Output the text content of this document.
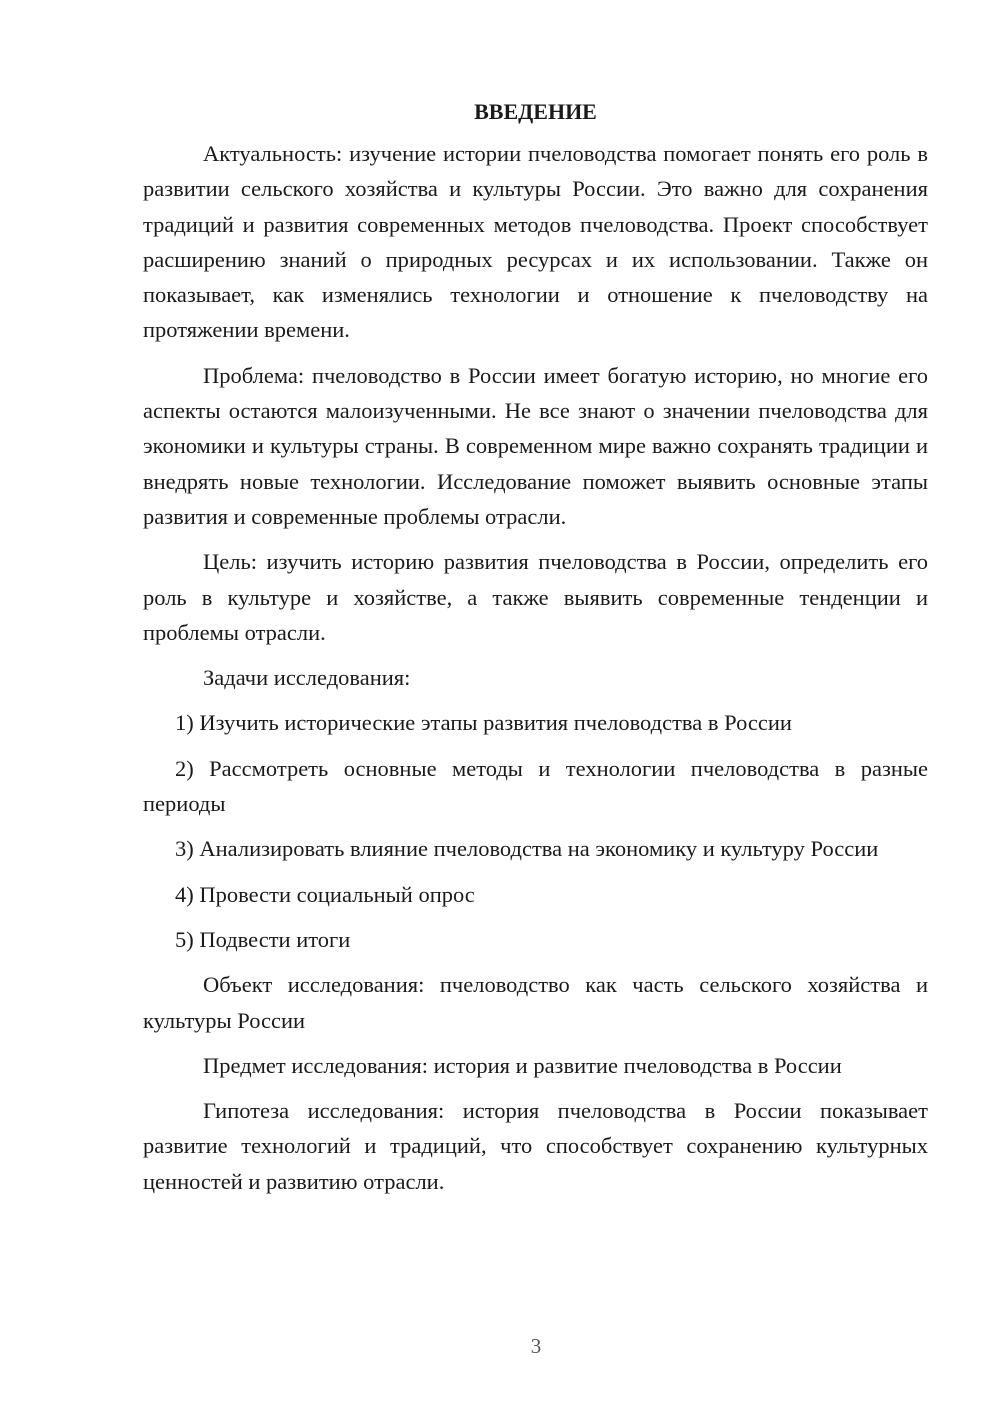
ВВЕДЕНИЕ

Актуальность: изучение истории пчеловодства помогает понять его роль в развитии сельского хозяйства и культуры России. Это важно для сохранения традиций и развития современных методов пчеловодства. Проект способствует расширению знаний о природных ресурсах и их использовании. Также он показывает, как изменялись технологии и отношение к пчеловодству на протяжении времени.

Проблема: пчеловодство в России имеет богатую историю, но многие его аспекты остаются малоизученными. Не все знают о значении пчеловодства для экономики и культуры страны. В современном мире важно сохранять традиции и внедрять новые технологии. Исследование поможет выявить основные этапы развития и современные проблемы отрасли.

Цель: изучить историю развития пчеловодства в России, определить его роль в культуре и хозяйстве, а также выявить современные тенденции и проблемы отрасли.

Задачи исследования:

1) Изучить исторические этапы развития пчеловодства в России

2) Рассмотреть основные методы и технологии пчеловодства в разные периоды

3) Анализировать влияние пчеловодства на экономику и культуру России

4) Провести социальный опрос

5) Подвести итоги

Объект исследования: пчеловодство как часть сельского хозяйства и культуры России

Предмет исследования: история и развитие пчеловодства в России

Гипотеза исследования: история пчеловодства в России показывает развитие технологий и традиций, что способствует сохранению культурных ценностей и развитию отрасли.

3
